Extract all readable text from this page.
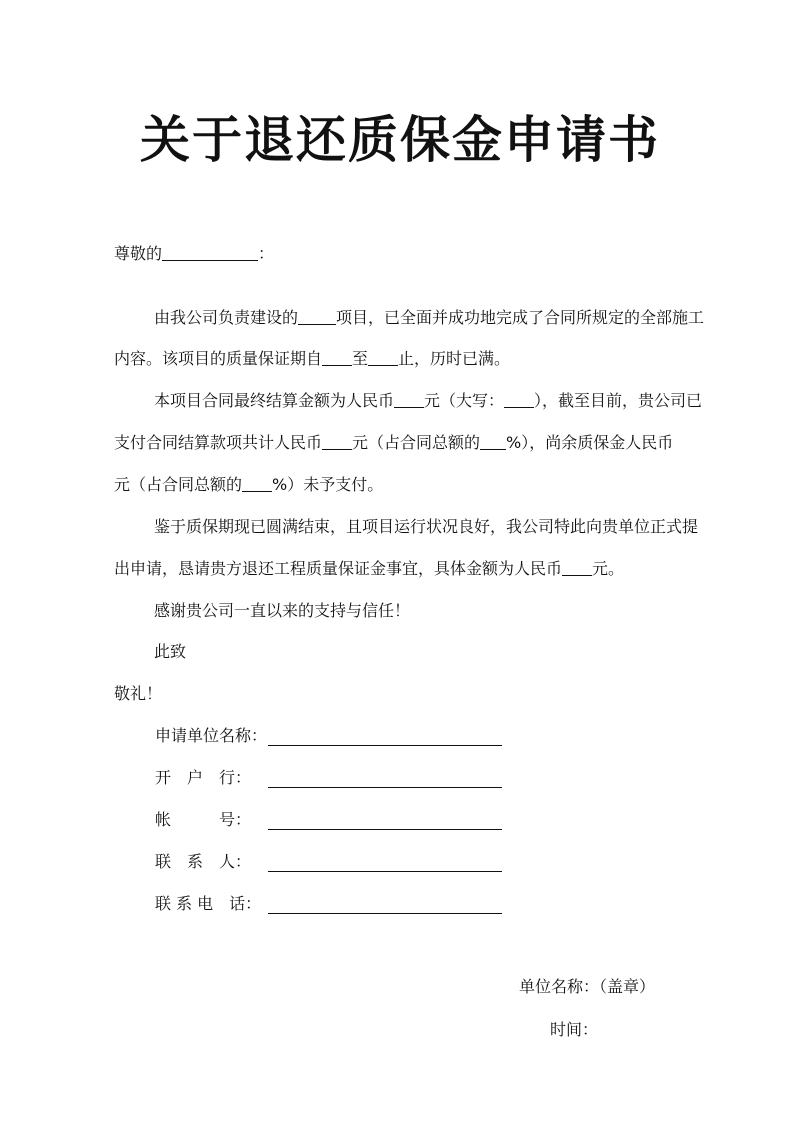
关于退还质保金申请书
尊敬的	：
由我公司负责建设的 项目，已全面并成功地完成了合同所规定的全部施工
内容。该项目的质量保证期自 至 止，历时已满。
本项目合同最终结算金额为人民币 元（大写： ），截至目前，贵公司已
支付合同结算款项共计人民币 元（占合同总额的 %），尚余质保金人民币
元（占合同总额的 %）未予支付。
鉴于质保期现已圆满结束，且项目运行状况良好，我公司特此向贵单位正式提
出申请，恳请贵方退还工程质量保证金事宜，具体金额为人民币 元。
感谢贵公司一直以来的支持与信任！
此致
敬礼！
申请单位名称：
开　户　行：
帐　　　号：
联　系　人：
联 系 电　话：
单位名称：（盖章）
时间：
